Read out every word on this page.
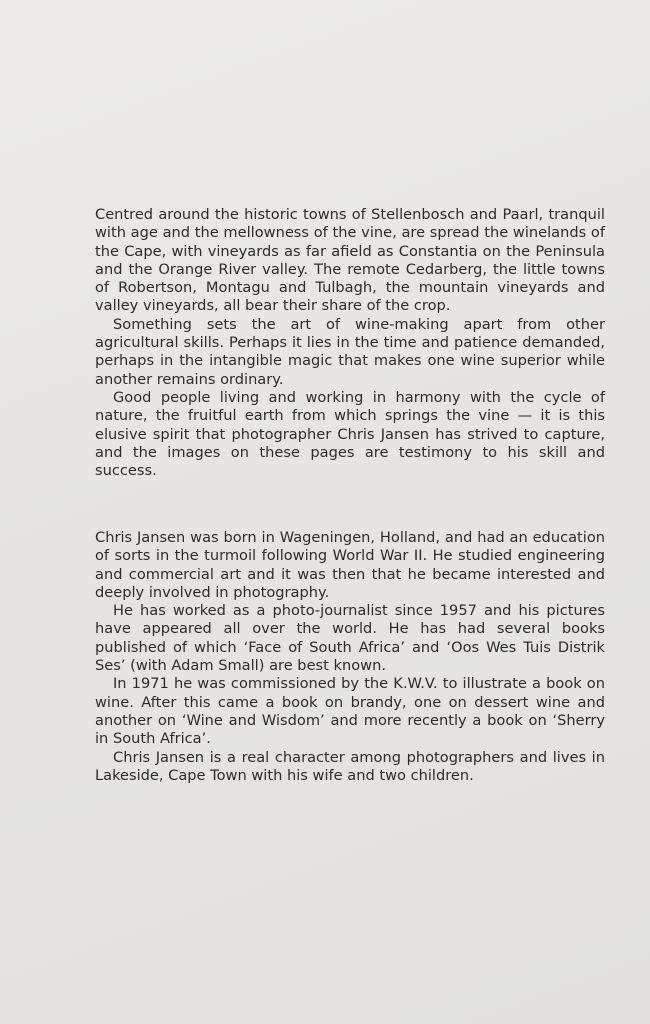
Centred around the historic towns of Stellenbosch and Paarl, tranquil with age and the mellowness of the vine, are spread the winelands of the Cape, with vineyards as far afield as Constantia on the Peninsula and the Orange River valley. The remote Cedarberg, the little towns of Robertson, Montagu and Tulbagh, the mountain vineyards and valley vineyards, all bear their share of the crop.

Something sets the art of wine-making apart from other agricultural skills. Perhaps it lies in the time and patience demanded, perhaps in the intangible magic that makes one wine superior while another remains ordinary.

Good people living and working in harmony with the cycle of nature, the fruitful earth from which springs the vine — it is this elusive spirit that photographer Chris Jansen has strived to capture, and the images on these pages are testimony to his skill and success.

Chris Jansen was born in Wageningen, Holland, and had an education of sorts in the turmoil following World War II. He studied engineering and commercial art and it was then that he became interested and deeply involved in photography.

He has worked as a photo-journalist since 1957 and his pictures have appeared all over the world. He has had several books published of which ‘Face of South Africa’ and ‘Oos Wes Tuis Distrik Ses’ (with Adam Small) are best known.

In 1971 he was commissioned by the K.W.V. to illustrate a book on wine. After this came a book on brandy, one on dessert wine and another on ‘Wine and Wisdom’ and more recently a book on ‘Sherry in South Africa’.

Chris Jansen is a real character among photographers and lives in Lakeside, Cape Town with his wife and two children.
